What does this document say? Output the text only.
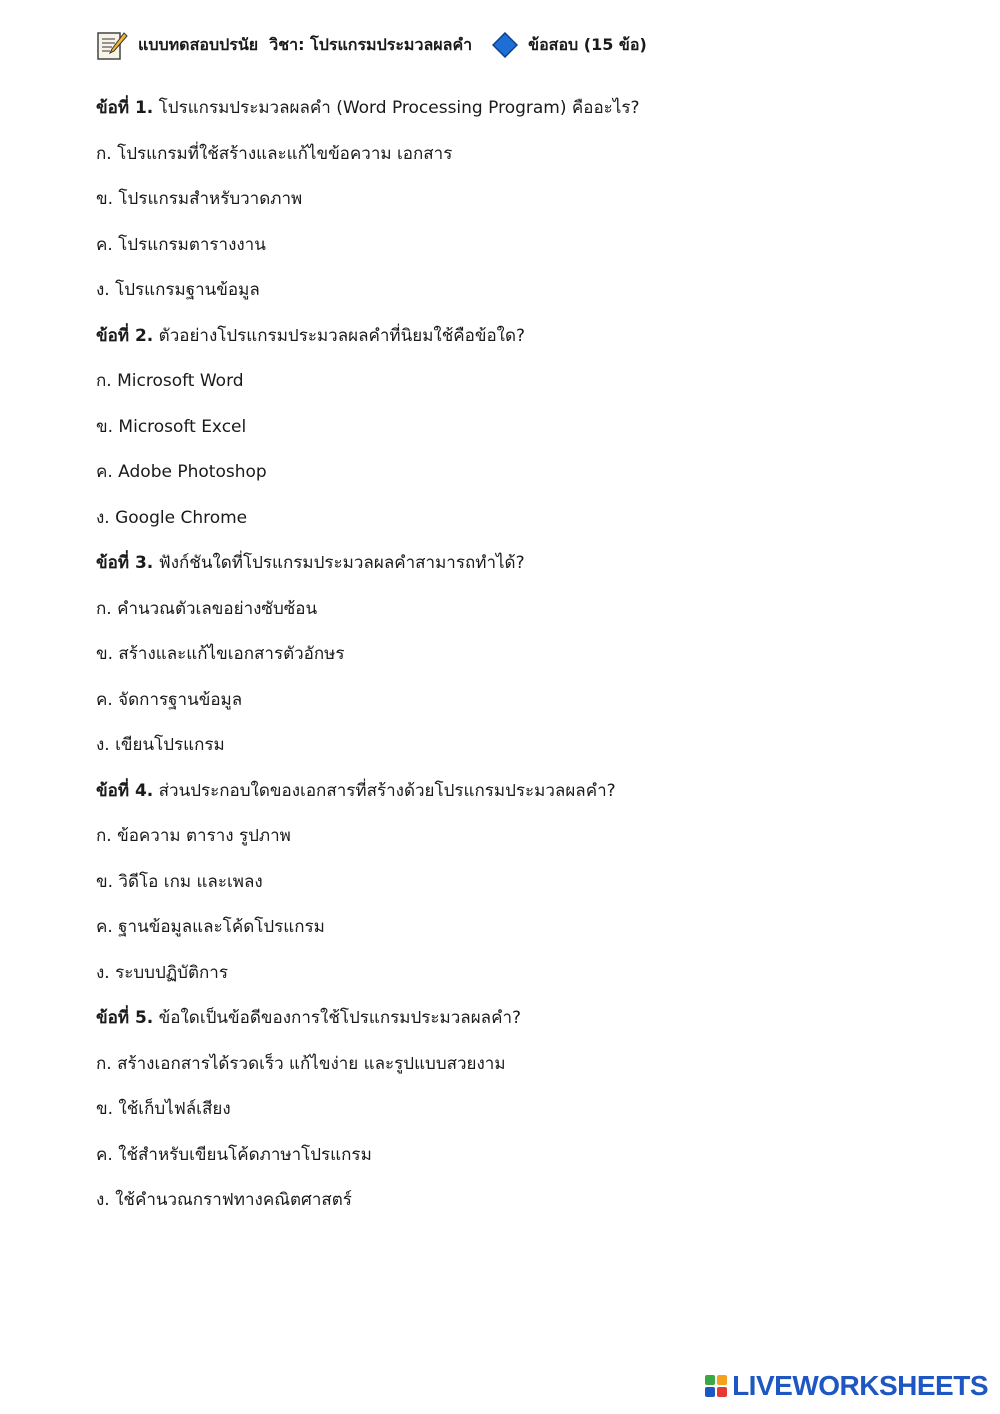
แบบทดสอบปรนัย  วิชา: โปรแกรมประมวลผลคำ	ข้อสอบ (15 ข้อ)
ข้อที่ 1. โปรแกรมประมวลผลคำ (Word Processing Program) คืออะไร?
ก. โปรแกรมที่ใช้สร้างและแก้ไขข้อความ เอกสาร
ข. โปรแกรมสำหรับวาดภาพ
ค. โปรแกรมตารางงาน
ง. โปรแกรมฐานข้อมูล
ข้อที่ 2. ตัวอย่างโปรแกรมประมวลผลคำที่นิยมใช้คือข้อใด?
ก. Microsoft Word
ข. Microsoft Excel
ค. Adobe Photoshop
ง. Google Chrome
ข้อที่ 3. ฟังก์ชันใดที่โปรแกรมประมวลผลคำสามารถทำได้?
ก. คำนวณตัวเลขอย่างซับซ้อน
ข. สร้างและแก้ไขเอกสารตัวอักษร
ค. จัดการฐานข้อมูล
ง. เขียนโปรแกรม
ข้อที่ 4. ส่วนประกอบใดของเอกสารที่สร้างด้วยโปรแกรมประมวลผลคำ?
ก. ข้อความ ตาราง รูปภาพ
ข. วิดีโอ เกม และเพลง
ค. ฐานข้อมูลและโค้ดโปรแกรม
ง. ระบบปฏิบัติการ
ข้อที่ 5. ข้อใดเป็นข้อดีของการใช้โปรแกรมประมวลผลคำ?
ก. สร้างเอกสารได้รวดเร็ว แก้ไขง่าย และรูปแบบสวยงาม
ข. ใช้เก็บไฟล์เสียง
ค. ใช้สำหรับเขียนโค้ดภาษาโปรแกรม
ง. ใช้คำนวณกราฟทางคณิตศาสตร์
LIVEWORKSHEETS
